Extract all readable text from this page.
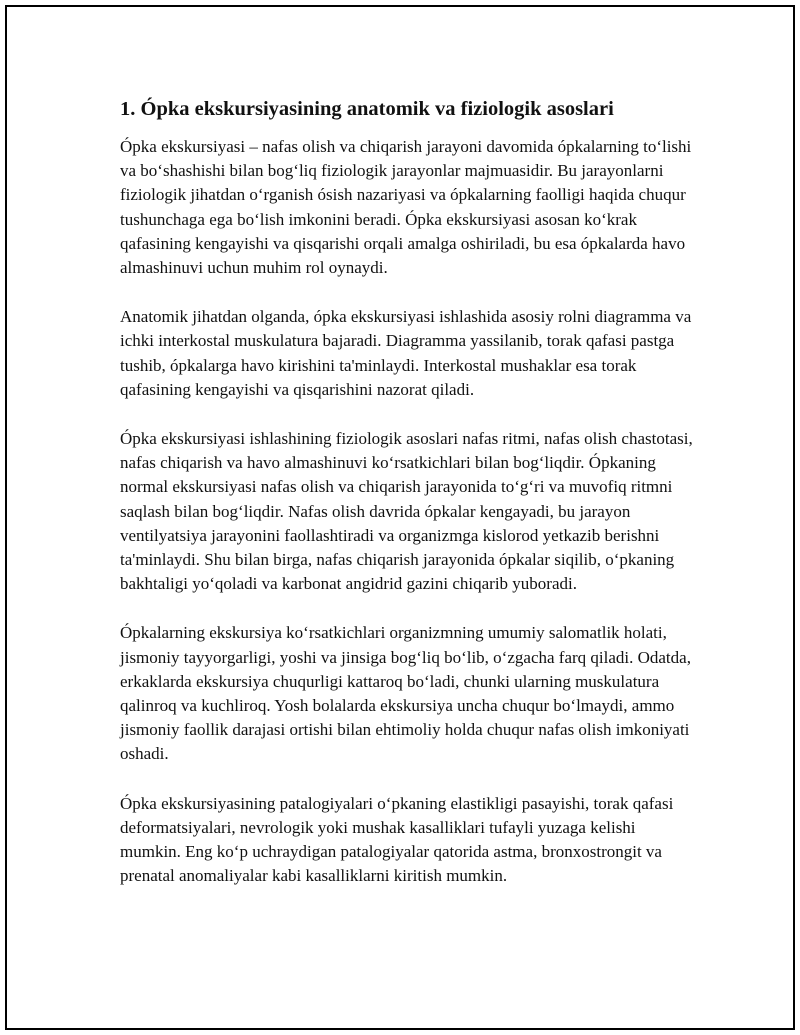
1. Ópka ekskursiyasining anatomik va fiziologik asoslari

Ópka ekskursiyasi – nafas olish va chiqarish jarayoni davomida ópkalarning to‘lishi va bo‘shashishi bilan bog‘liq fiziologik jarayonlar majmuasidir. Bu jarayonlarni fiziologik jihatdan o‘rganish ósish nazariyasi va ópkalarning faolligi haqida chuqur tushunchaga ega bo‘lish imkonini beradi. Ópka ekskursiyasi asosan ko‘krak qafasining kengayishi va qisqarishi orqali amalga oshiriladi, bu esa ópkalarda havo almashinuvi uchun muhim rol oynaydi.

Anatomik jihatdan olganda, ópka ekskursiyasi ishlashida asosiy rolni diagramma va ichki interkostal muskulatura bajaradi. Diagramma yassilanib, torak qafasi pastga tushib, ópkalarga havo kirishini ta'minlaydi. Interkostal mushaklar esa torak qafasining kengayishi va qisqarishini nazorat qiladi.

Ópka ekskursiyasi ishlashining fiziologik asoslari nafas ritmi, nafas olish chastotasi, nafas chiqarish va havo almashinuvi ko‘rsatkichlari bilan bog‘liqdir. Ópkaning normal ekskursiyasi nafas olish va chiqarish jarayonida to‘g‘ri va muvofiq ritmni saqlash bilan bog‘liqdir. Nafas olish davrida ópkalar kengayadi, bu jarayon ventilyatsiya jarayonini faollashtiradi va organizmga kislorod yetkazib berishni ta'minlaydi. Shu bilan birga, nafas chiqarish jarayonida ópkalar siqilib, o‘pkaning bakhtaligi yo‘qoladi va karbonat angidrid gazini chiqarib yuboradi.

Ópkalarning ekskursiya ko‘rsatkichlari organizmning umumiy salomatlik holati, jismoniy tayyorgarligi, yoshi va jinsiga bog‘liq bo‘lib, o‘zgacha farq qiladi. Odatda, erkaklarda ekskursiya chuqurligi kattaroq bo‘ladi, chunki ularning muskulatura qalinroq va kuchliroq. Yosh bolalarda ekskursiya uncha chuqur bo‘lmaydi, ammo jismoniy faollik darajasi ortishi bilan ehtimoliy holda chuqur nafas olish imkoniyati oshadi.

Ópka ekskursiyasining patalogiyalari o‘pkaning elastikligi pasayishi, torak qafasi deformatsiyalari, nevrologik yoki mushak kasalliklari tufayli yuzaga kelishi mumkin. Eng ko‘p uchraydigan patalogiyalar qatorida astma, bronxostrongit va prenatal anomaliyalar kabi kasalliklarni kiritish mumkin.
